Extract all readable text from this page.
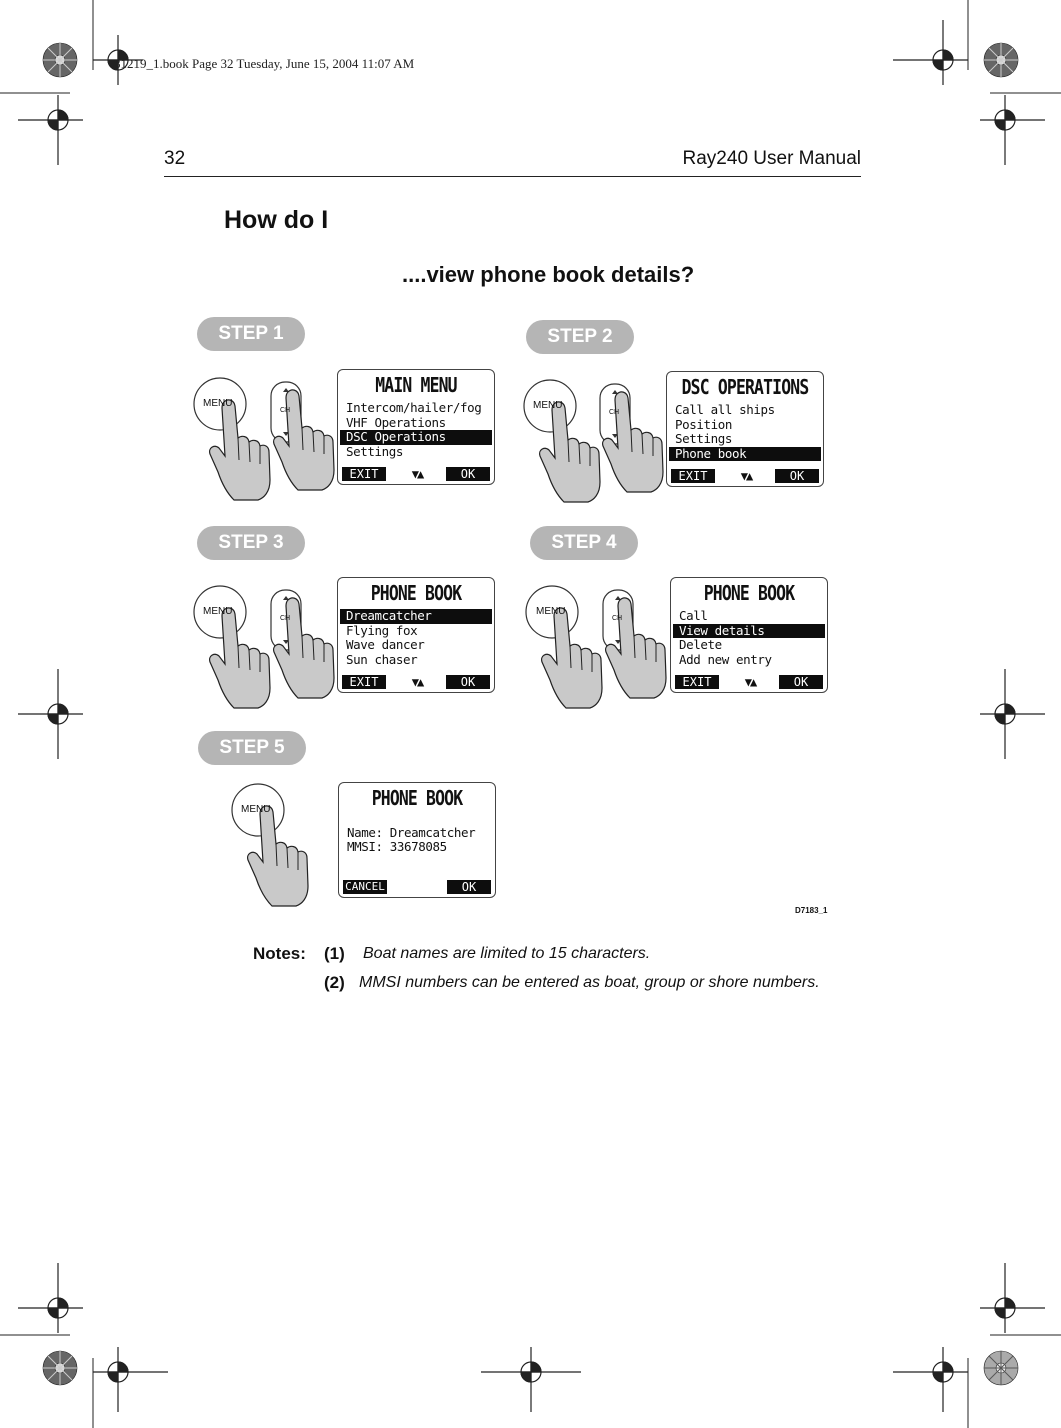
81219_1.book Page 32 Tuesday, June 15, 2004 11:07 AM
32	Ray240 User Manual
How do I
....view phone book details?
MENU
CH	MENU
CH
MENU
CH
MENU
CH
MENU
STEP 1	STEP 2
STEP 3	STEP 4
STEP 5
MAIN MENU
Intercom/hailer/fog
VHF Operations
DSC Operations
Settings
EXIT	▼▲	OK
DSC OPERATIONS
Call all ships
Position
Settings
Phone book
EXIT	▼▲	OK
PHONE BOOK
Dreamcatcher
Flying fox
Wave dancer
Sun chaser
EXIT	▼▲	OK
PHONE BOOK
Call
View details
Delete
Add new entry
EXIT	▼▲	OK
PHONE BOOK
Name: Dreamcatcher
MMSI: 33678085
CANCEL	OK
D7183_1
Notes: (1) Boat names are limited to 15 characters.
(2) MMSI numbers can be entered as boat, group or shore numbers.
